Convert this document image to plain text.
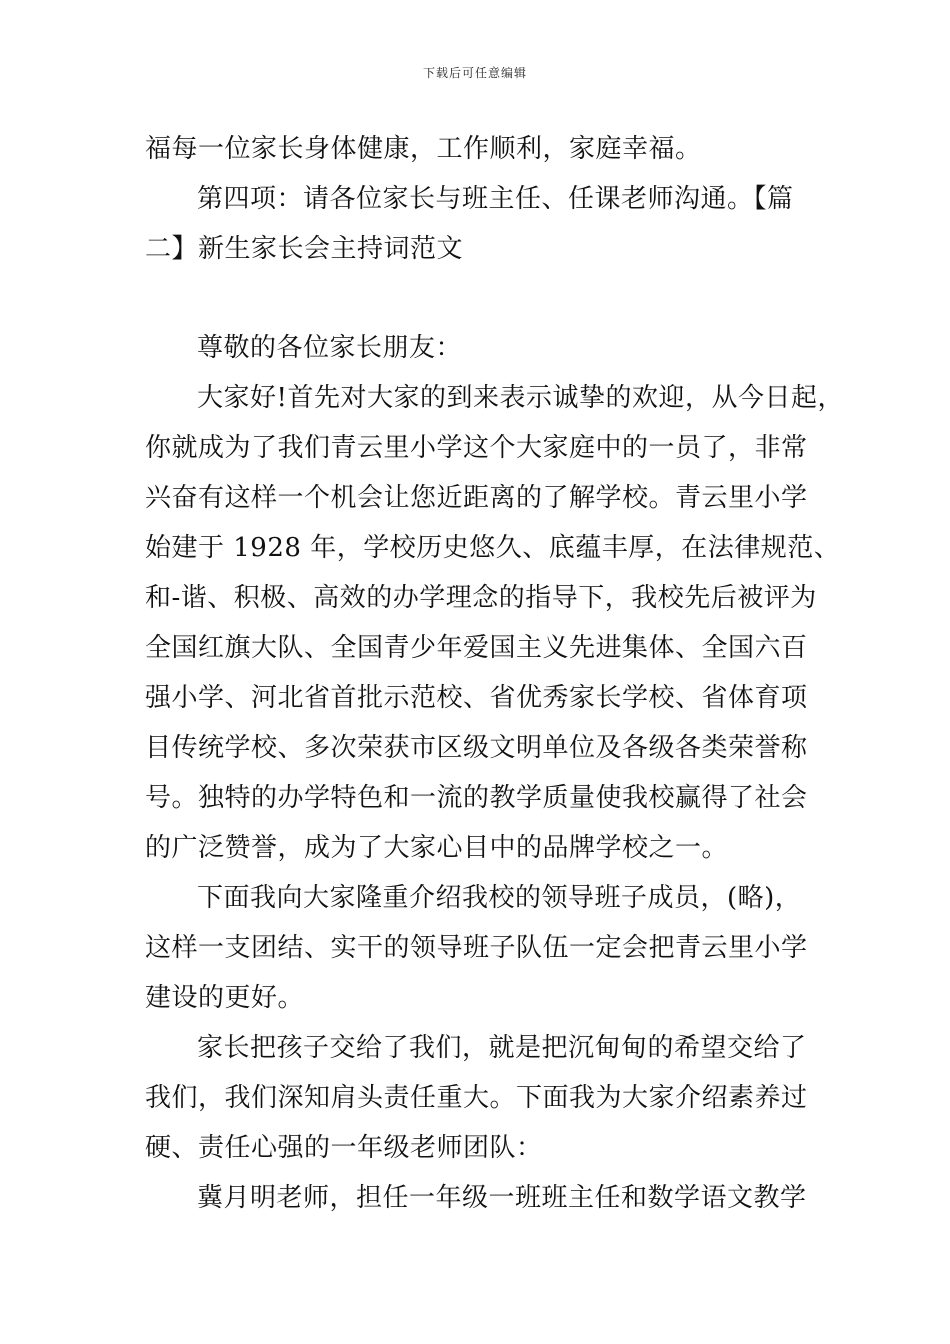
下载后可任意编辑
福每一位家长身体健康，工作顺利，家庭幸福。
第四项：请各位家长与班主任、任课老师沟通。【篇
二】新生家长会主持词范文
尊敬的各位家长朋友：
大家好!首先对大家的到来表示诚挚的欢迎，从今日起，
你就成为了我们青云里小学这个大家庭中的一员了，非常
兴奋有这样一个机会让您近距离的了解学校。青云里小学
始建于 1928 年，学校历史悠久、底蕴丰厚，在法律规范、
和-谐、积极、高效的办学理念的指导下，我校先后被评为
全国红旗大队、全国青少年爱国主义先进集体、全国六百
强小学、河北省首批示范校、省优秀家长学校、省体育项
目传统学校、多次荣获市区级文明单位及各级各类荣誉称
号。独特的办学特色和一流的教学质量使我校赢得了社会
的广泛赞誉，成为了大家心目中的品牌学校之一。
下面我向大家隆重介绍我校的领导班子成员，(略)，
这样一支团结、实干的领导班子队伍一定会把青云里小学
建设的更好。
家长把孩子交给了我们，就是把沉甸甸的希望交给了
我们，我们深知肩头责任重大。下面我为大家介绍素养过
硬、责任心强的一年级老师团队：
冀月明老师，担任一年级一班班主任和数学语文教学
